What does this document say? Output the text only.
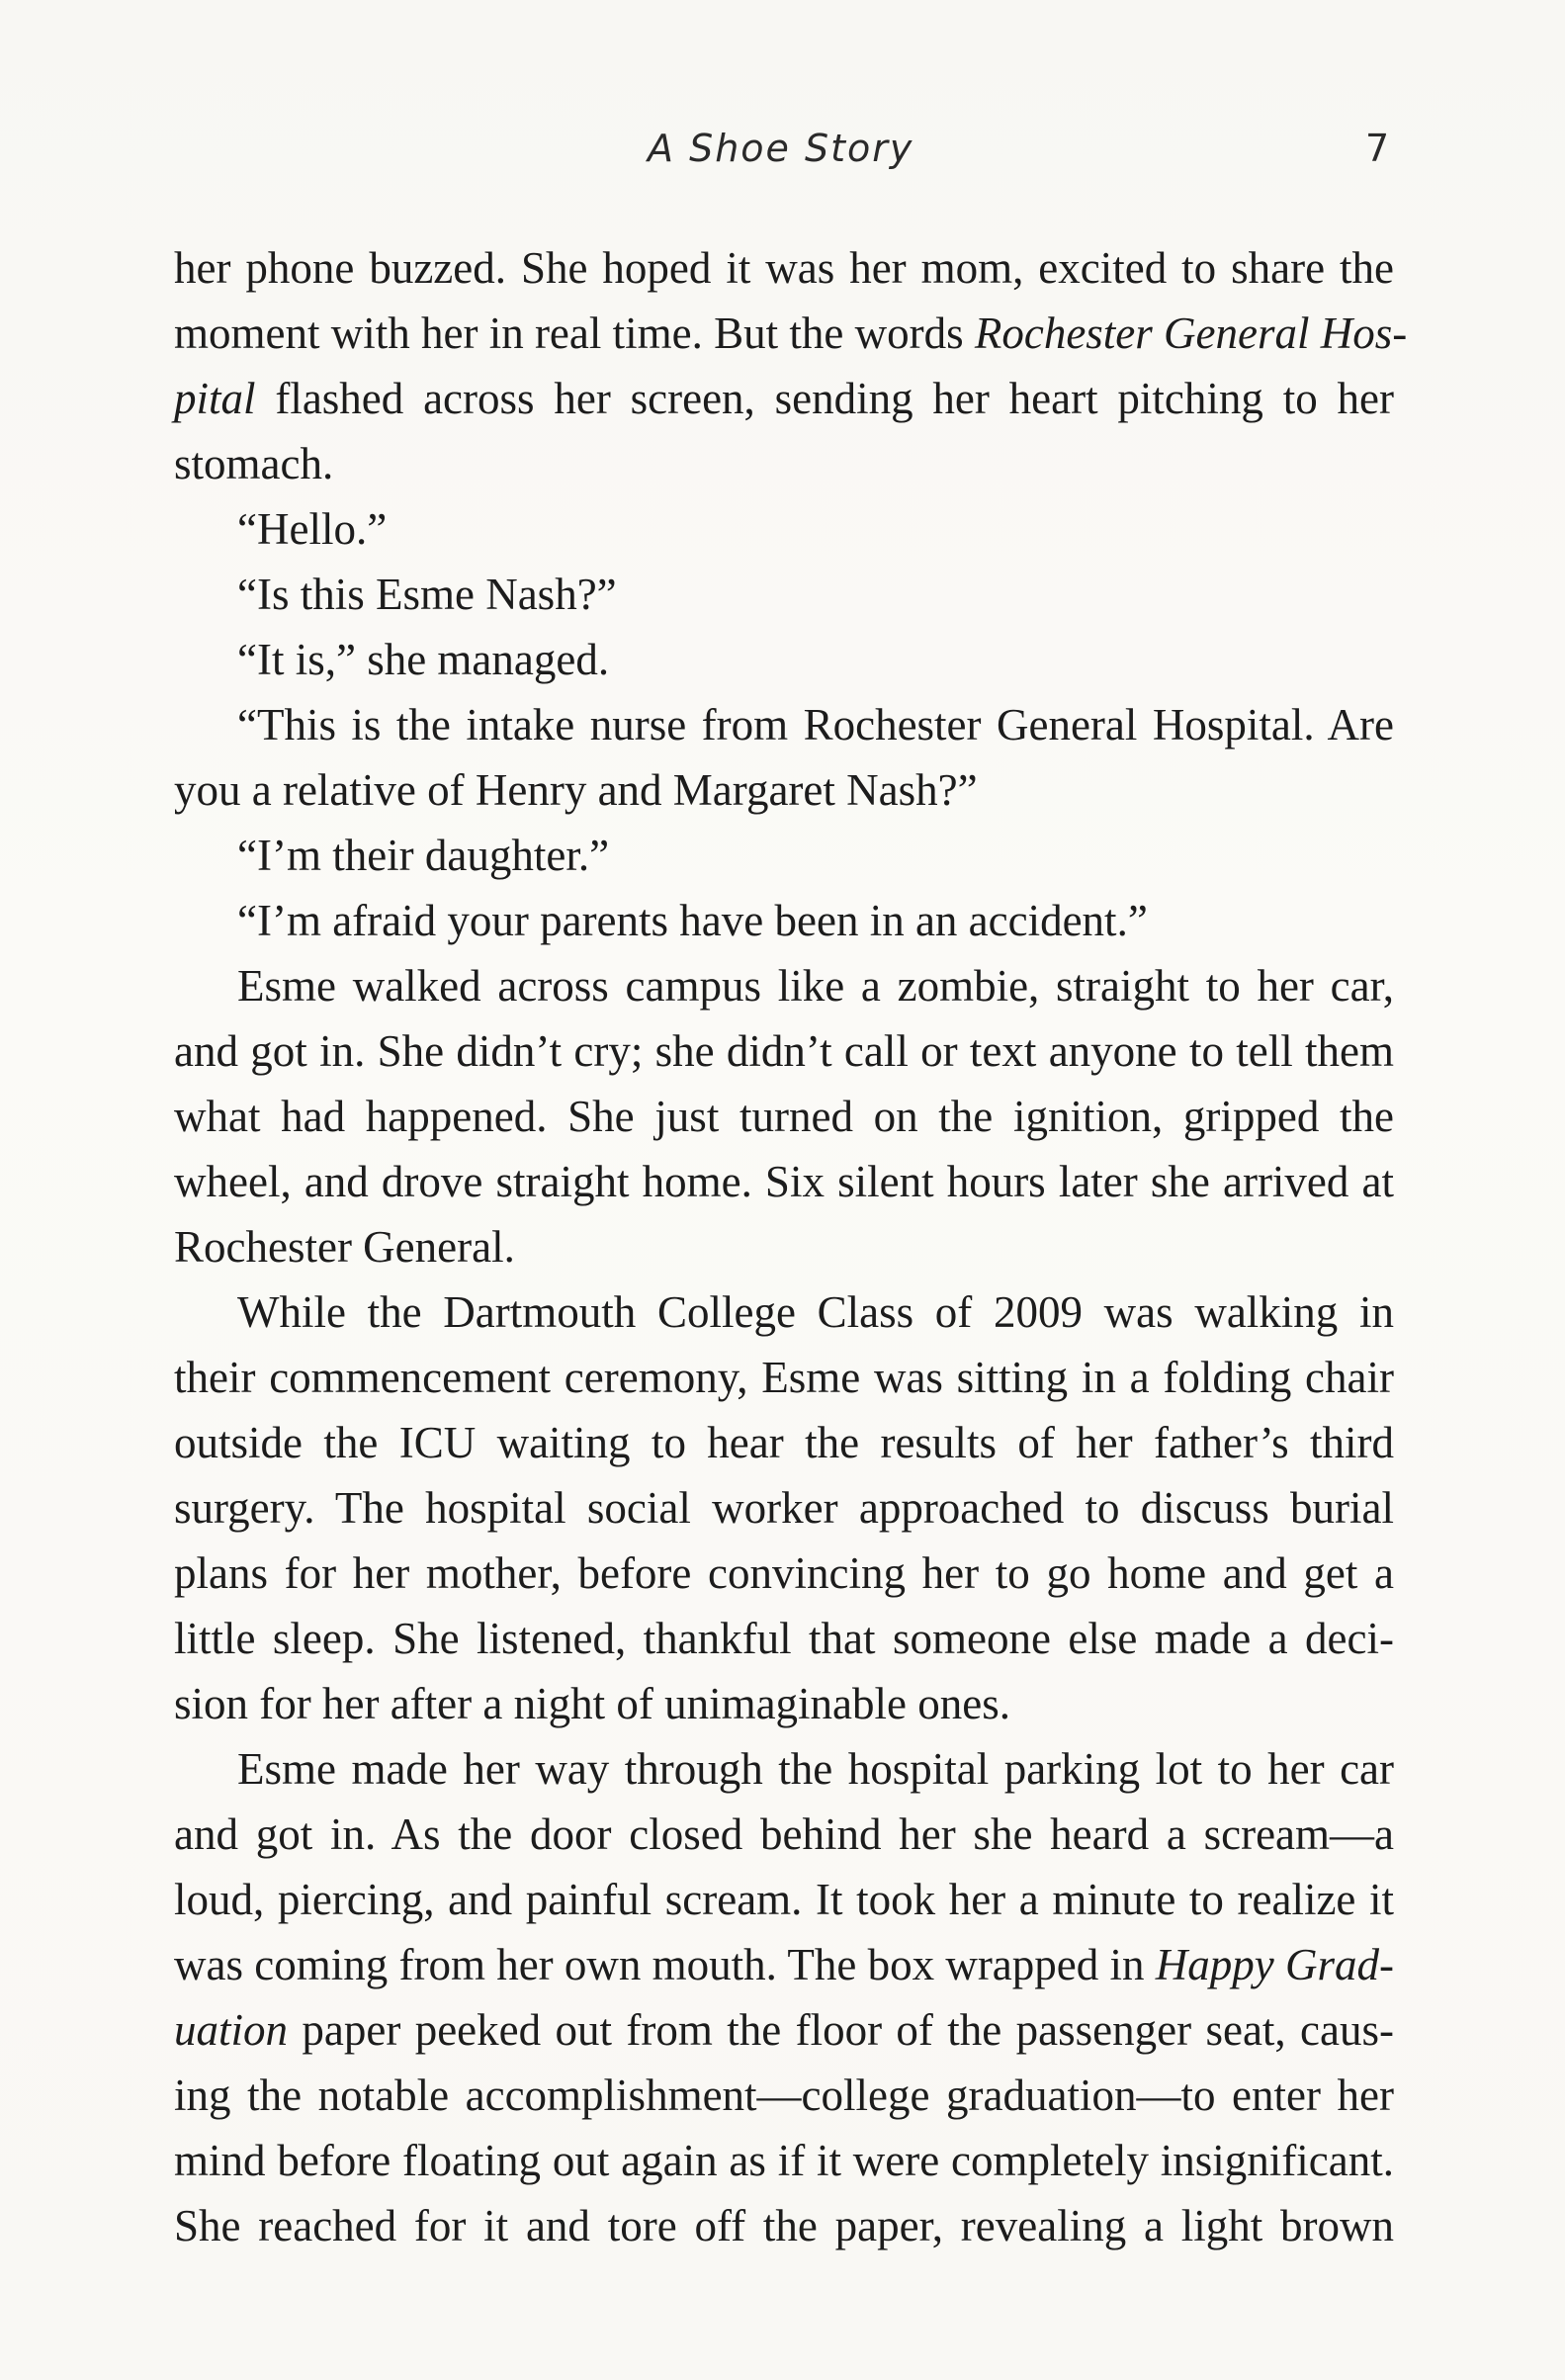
A Shoe Story	7
her phone buzzed. She hoped it was her mom, excited to share the
moment with her in real time. But the words Rochester General Hos-
pital flashed across her screen, sending her heart pitching to her
stomach.
“Hello.”
“Is this Esme Nash?”
“It is,” she managed.
“This is the intake nurse from Rochester General Hospital. Are
you a relative of Henry and Margaret Nash?”
“I’m their daughter.”
“I’m afraid your parents have been in an accident.”
Esme walked across campus like a zombie, straight to her car,
and got in. She didn’t cry; she didn’t call or text anyone to tell them
what had happened. She just turned on the ignition, gripped the
wheel, and drove straight home. Six silent hours later she arrived at
Rochester General.
While the Dartmouth College Class of 2009 was walking in
their commencement ceremony, Esme was sitting in a folding chair
outside the ICU waiting to hear the results of her father’s third
surgery. The hospital social worker approached to discuss burial
plans for her mother, before convincing her to go home and get a
little sleep. She listened, thankful that someone else made a deci-
sion for her after a night of unimaginable ones.
Esme made her way through the hospital parking lot to her car
and got in. As the door closed behind her she heard a scream—a
loud, piercing, and painful scream. It took her a minute to realize it
was coming from her own mouth. The box wrapped in Happy Grad-
uation paper peeked out from the floor of the passenger seat, caus-
ing the notable accomplishment—college graduation—to enter her
mind before floating out again as if it were completely insignificant.
She reached for it and tore off the paper, revealing a light brown
